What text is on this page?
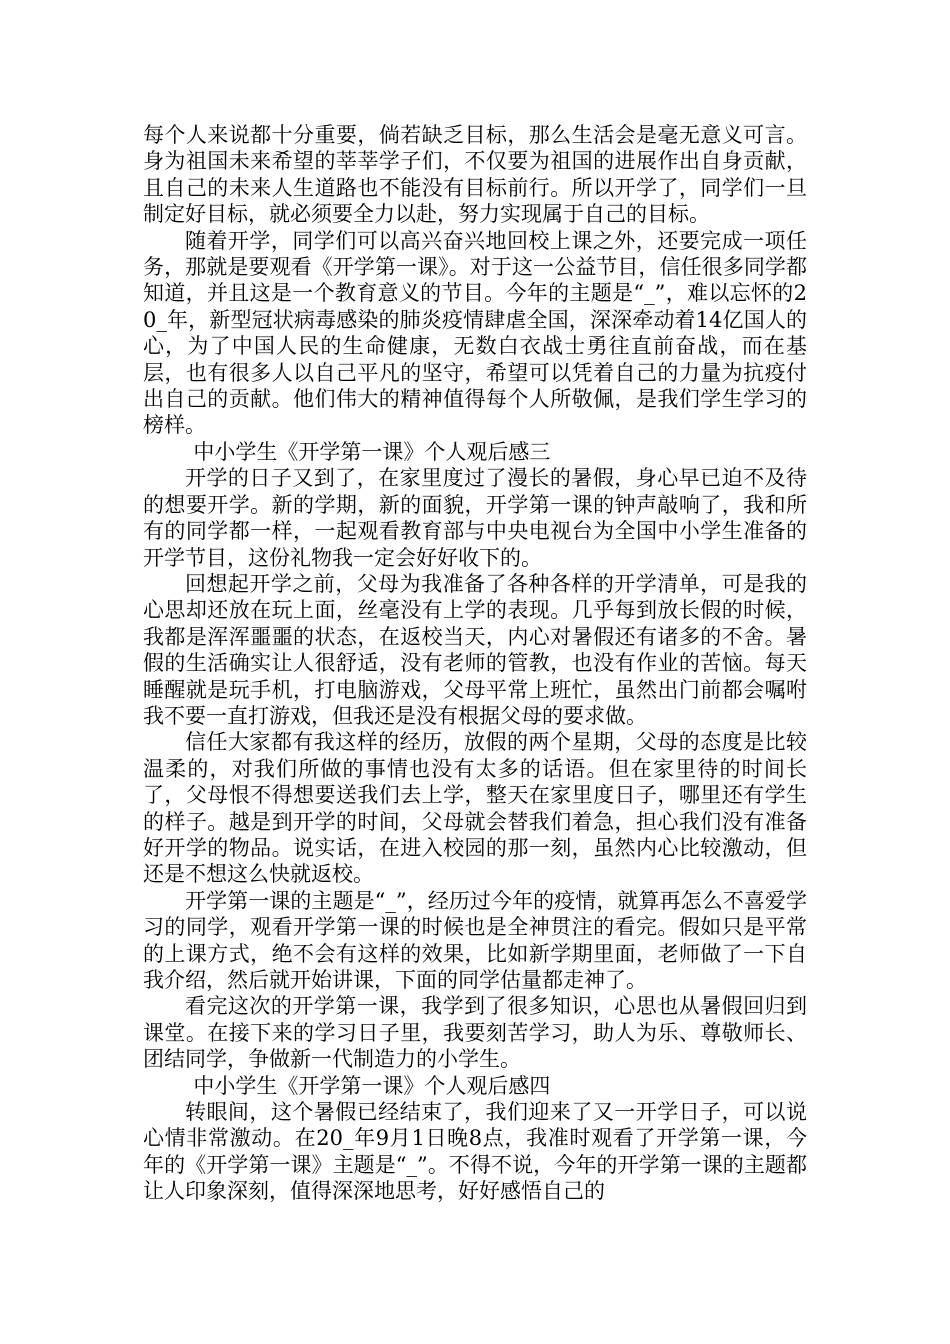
每个人来说都十分重要，倘若缺乏目标，那么生活会是毫无意义可言。身为祖国未来希望的莘莘学子们，不仅要为祖国的进展作出自身贡献，且自己的未来人生道路也不能没有目标前行。所以开学了，同学们一旦制定好目标，就必须要全力以赴，努力实现属于自己的目标。

随着开学，同学们可以高兴奋兴地回校上课之外，还要完成一项任务，那就是要观看《开学第一课》。对于这一公益节目，信任很多同学都知道，并且这是一个教育意义的节目。今年的主题是“_”，难以忘怀的20_年，新型冠状病毒感染的肺炎疫情肆虐全国，深深牵动着14亿国人的心，为了中国人民的生命健康，无数白衣战士勇往直前奋战，而在基层，也有很多人以自己平凡的坚守，希望可以凭着自己的力量为抗疫付出自己的贡献。他们伟大的精神值得每个人所敬佩，是我们学生学习的榜样。

中小学生《开学第一课》个人观后感三

开学的日子又到了，在家里度过了漫长的暑假，身心早已迫不及待的想要开学。新的学期，新的面貌，开学第一课的钟声敲响了，我和所有的同学都一样，一起观看教育部与中央电视台为全国中小学生准备的开学节目，这份礼物我一定会好好收下的。

回想起开学之前，父母为我准备了各种各样的开学清单，可是我的心思却还放在玩上面，丝毫没有上学的表现。几乎每到放长假的时候，我都是浑浑噩噩的状态，在返校当天，内心对暑假还有诸多的不舍。暑假的生活确实让人很舒适，没有老师的管教，也没有作业的苦恼。每天睡醒就是玩手机，打电脑游戏，父母平常上班忙，虽然出门前都会嘱咐我不要一直打游戏，但我还是没有根据父母的要求做。

信任大家都有我这样的经历，放假的两个星期，父母的态度是比较温柔的，对我们所做的事情也没有太多的话语。但在家里待的时间长了，父母恨不得想要送我们去上学，整天在家里度日子，哪里还有学生的样子。越是到开学的时间，父母就会替我们着急，担心我们没有准备好开学的物品。说实话，在进入校园的那一刻，虽然内心比较激动，但还是不想这么快就返校。

开学第一课的主题是“_”，经历过今年的疫情，就算再怎么不喜爱学习的同学，观看开学第一课的时候也是全神贯注的看完。假如只是平常的上课方式，绝不会有这样的效果，比如新学期里面，老师做了一下自我介绍，然后就开始讲课，下面的同学估量都走神了。

看完这次的开学第一课，我学到了很多知识，心思也从暑假回归到课堂。在接下来的学习日子里，我要刻苦学习，助人为乐、尊敬师长、团结同学，争做新一代制造力的小学生。

中小学生《开学第一课》个人观后感四

转眼间，这个暑假已经结束了，我们迎来了又一开学日子，可以说心情非常激动。在20_年9月1日晚8点，我准时观看了开学第一课，今年的《开学第一课》主题是“_”。不得不说，今年的开学第一课的主题都让人印象深刻，值得深深地思考，好好感悟自己的
